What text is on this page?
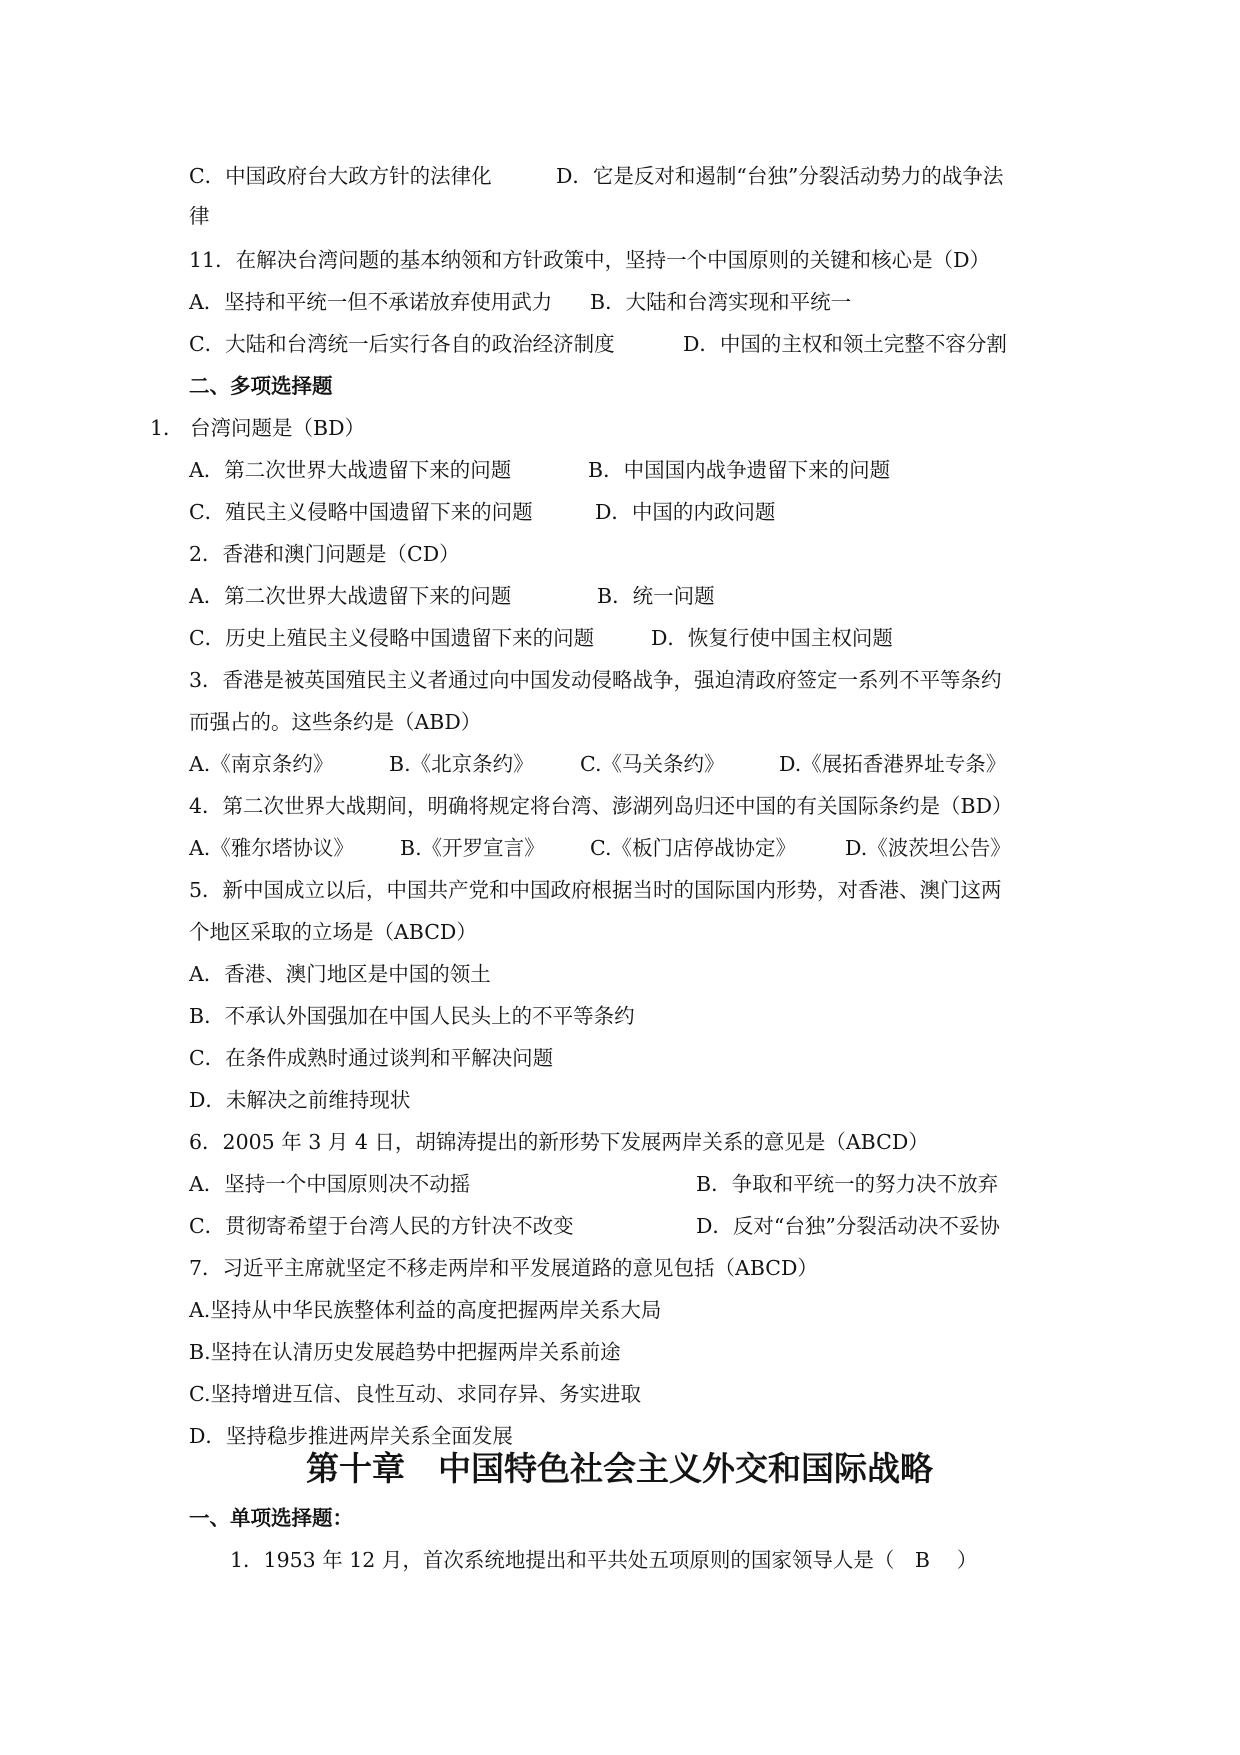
C．中国政府台大政方针的法律化	D．它是反对和遏制“台独”分裂活动势力的战争法
律
11．在解决台湾问题的基本纳领和方针政策中，坚持一个中国原则的关键和核心是（D）
A．坚持和平统一但不承诺放弃使用武力 B．大陆和台湾实现和平统一
C．大陆和台湾统一后实行各自的政治经济制度	D．中国的主权和领土完整不容分割
二、多项选择题
1． 台湾问题是（BD）
A．第二次世界大战遗留下来的问题	B．中国国内战争遗留下来的问题
C．殖民主义侵略中国遗留下来的问题	D．中国的内政问题
2．香港和澳门问题是（CD）
A．第二次世界大战遗留下来的问题	B．统一问题
C．历史上殖民主义侵略中国遗留下来的问题	D．恢复行使中国主权问题
3．香港是被英国殖民主义者通过向中国发动侵略战争，强迫清政府签定一系列不平等条约
而强占的。这些条约是（ABD）
A.《南京条约》	B.《北京条约》 C.《马关条约》	D.《展拓香港界址专条》
4．第二次世界大战期间，明确将规定将台湾、澎湖列岛归还中国的有关国际条约是（BD）
A.《雅尔塔协议》 B.《开罗宣言》 C.《板门店停战协定》 D.《波茨坦公告》
5．新中国成立以后，中国共产党和中国政府根据当时的国际国内形势，对香港、澳门这两
个地区采取的立场是（ABCD）
A．香港、澳门地区是中国的领土
B．不承认外国强加在中国人民头上的不平等条约
C．在条件成熟时通过谈判和平解决问题
D．未解决之前维持现状
6．2005 年 3 月 4 日，胡锦涛提出的新形势下发展两岸关系的意见是（ABCD）
A．坚持一个中国原则决不动摇	B．争取和平统一的努力决不放弃
C．贯彻寄希望于台湾人民的方针决不改变	D．反对“台独”分裂活动决不妥协
7．习近平主席就坚定不移走两岸和平发展道路的意见包括（ABCD）
A.坚持从中华民族整体利益的高度把握两岸关系大局
B.坚持在认清历史发展趋势中把握两岸关系前途
C.坚持增进互信、良性互动、求同存异、务实进取
D．坚持稳步推进两岸关系全面发展
第十章　中国特色社会主义外交和国际战略
一、单项选择题：
1．1953 年 12 月，首次系统地提出和平共处五项原则的国家领导人是（　B　 ）
